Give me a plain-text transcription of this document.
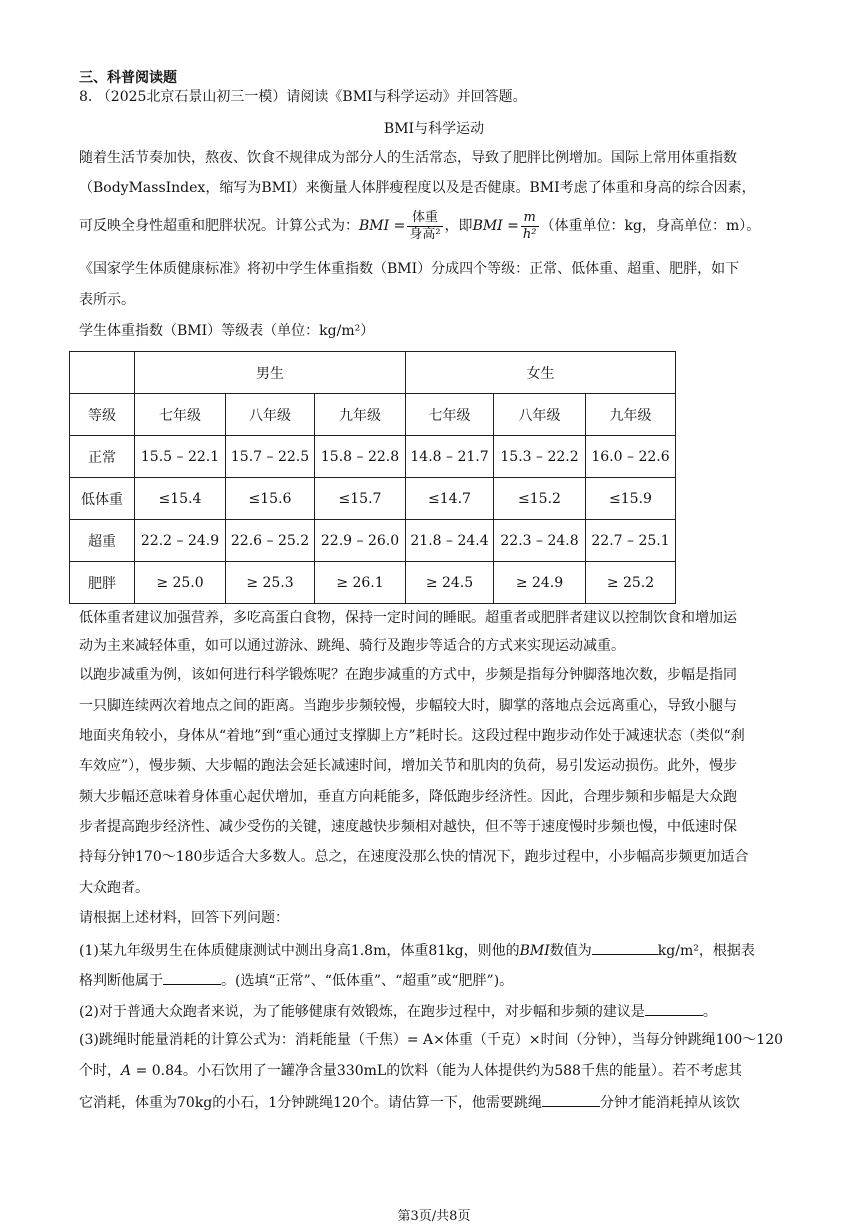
三、科普阅读题
8. （2025北京石景山初三一模）请阅读《BMI与科学运动》并回答题。
BMI与科学运动
随着生活节奏加快，熬夜、饮食不规律成为部分人的生活常态，导致了肥胖比例增加。国际上常用体重指数
（BodyMassIndex，缩写为BMI）来衡量人体胖瘦程度以及是否健康。BMI考虑了体重和身高的综合因素，
可反映全身性超重和肥胖状况。计算公式为：BMI = $\frac{\text{体重}}{\text{身高²}}$ ，即BMI = $\frac{m}{\text{h²}}$ （体重单位：kg，身高单位：m）。
《国家学生体质健康标准》将初中学生体重指数（BMI）分成四个等级：正常、低体重、超重、肥胖，如下
表所示。
学生体重指数（BMI）等级表（单位：kg/m²）
	男生			女生		
等级	七年级	八年级	九年级	七年级	八年级	九年级
正常	15.5 – 22.1	15.7 – 22.5	15.8 – 22.8	14.8 – 21.7	15.3 – 22.2	16.0 – 22.6
低体重	≤15.4	≤15.6	≤15.7	≤14.7	≤15.2	≤15.9
超重	22.2 – 24.9	22.6 – 25.2	22.9 – 26.0	21.8 – 24.4	22.3 – 24.8	22.7 – 25.1
肥胖	≥ 25.0	≥ 25.3	≥ 26.1	≥ 24.5	≥ 24.9	≥ 25.2
低体重者建议加强营养，多吃高蛋白食物，保持一定时间的睡眠。超重者或肥胖者建议以控制饮食和增加运
动为主来减轻体重，如可以通过游泳、跳绳、骑行及跑步等适合的方式来实现运动减重。
以跑步减重为例，该如何进行科学锻炼呢？在跑步减重的方式中，步频是指每分钟脚落地次数，步幅是指同
一只脚连续两次着地点之间的距离。当跑步步频较慢，步幅较大时，脚掌的落地点会远离重心，导致小腿与
地面夹角较小，身体从“着地”到“重心通过支撑脚上方”耗时长。这段过程中跑步动作处于减速状态（类似“刹
车效应”），慢步频、大步幅的跑法会延长减速时间，增加关节和肌肉的负荷，易引发运动损伤。此外，慢步
频大步幅还意味着身体重心起伏增加，垂直方向耗能多，降低跑步经济性。因此，合理步频和步幅是大众跑
步者提高跑步经济性、减少受伤的关键，速度越快步频相对越快，但不等于速度慢时步频也慢，中低速时保
持每分钟170～180步适合大多数人。总之，在速度没那么快的情况下，跑步过程中，小步幅高步频更加适合
大众跑者。
请根据上述材料，回答下列问题：
(1)某九年级男生在体质健康测试中测出身高1.8m，体重81kg，则他的BMI数值为	kg/m²，根据表
格判断他属于	。(选填“正常”、“低体重”、“超重”或“肥胖”)。
(2)对于普通大众跑者来说，为了能够健康有效锻炼，在跑步过程中，对步幅和步频的建议是	。
(3)跳绳时能量消耗的计算公式为：消耗能量（千焦）= A×体重（千克）×时间（分钟），当每分钟跳绳100～120
个时，A = 0.84。小石饮用了一罐净含量330mL的饮料（能为人体提供约为588千焦的能量）。若不考虑其
它消耗，体重为70kg的小石，1分钟跳绳120个。请估算一下，他需要跳绳	分钟才能消耗掉从该饮
第3页/共8页
